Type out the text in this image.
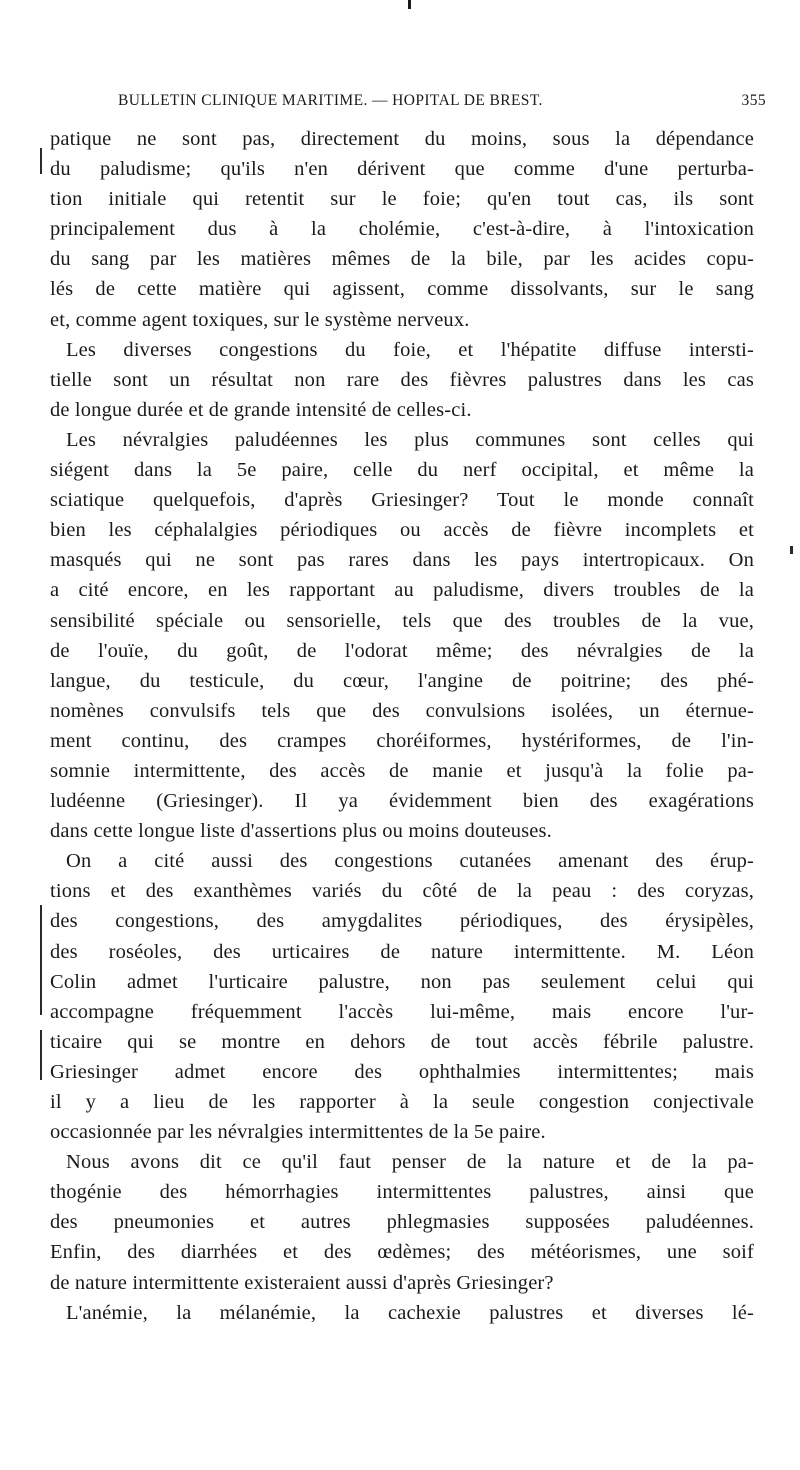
BULLETIN CLINIQUE MARITIME. — HOPITAL DE BREST.	355
patique ne sont pas, directement du moins, sous la dépendance
du paludisme; qu'ils n'en dérivent que comme d'une perturba-
tion initiale qui retentit sur le foie; qu'en tout cas, ils sont
principalement dus à la cholémie, c'est-à-dire, à l'intoxication
du sang par les matières mêmes de la bile, par les acides copu-
lés de cette matière qui agissent, comme dissolvants, sur le sang
et, comme agent toxiques, sur le système nerveux.
Les diverses congestions du foie, et l'hépatite diffuse intersti-
tielle sont un résultat non rare des fièvres palustres dans les cas
de longue durée et de grande intensité de celles-ci.
Les névralgies paludéennes les plus communes sont celles qui
siégent dans la 5e paire, celle du nerf occipital, et même la
sciatique quelquefois, d'après Griesinger? Tout le monde connaît
bien les céphalalgies périodiques ou accès de fièvre incomplets et
masqués qui ne sont pas rares dans les pays intertropicaux. On
a cité encore, en les rapportant au paludisme, divers troubles de la
sensibilité spéciale ou sensorielle, tels que des troubles de la vue,
de l'ouïe, du goût, de l'odorat même; des névralgies de la
langue, du testicule, du cœur, l'angine de poitrine; des phé-
nomènes convulsifs tels que des convulsions isolées, un éternue-
ment continu, des crampes choréiformes, hystériformes, de l'in-
somnie intermittente, des accès de manie et jusqu'à la folie pa-
ludéenne (Griesinger). Il ya évidemment bien des exagérations
dans cette longue liste d'assertions plus ou moins douteuses.
On a cité aussi des congestions cutanées amenant des érup-
tions et des exanthèmes variés du côté de la peau : des coryzas,
des congestions, des amygdalites périodiques, des érysipèles,
des roséoles, des urticaires de nature intermittente. M. Léon
Colin admet l'urticaire palustre, non pas seulement celui qui
accompagne fréquemment l'accès lui-même, mais encore l'ur-
ticaire qui se montre en dehors de tout accès fébrile palustre.
Griesinger admet encore des ophthalmies intermittentes; mais
il y a lieu de les rapporter à la seule congestion conjectivale
occasionnée par les névralgies intermittentes de la 5e paire.
Nous avons dit ce qu'il faut penser de la nature et de la pa-
thogénie des hémorrhagies intermittentes palustres, ainsi que
des pneumonies et autres phlegmasies supposées paludéennes.
Enfin, des diarrhées et des œdèmes; des météorismes, une soif
de nature intermittente existeraient aussi d'après Griesinger?
L'anémie, la mélanémie, la cachexie palustres et diverses lé-
